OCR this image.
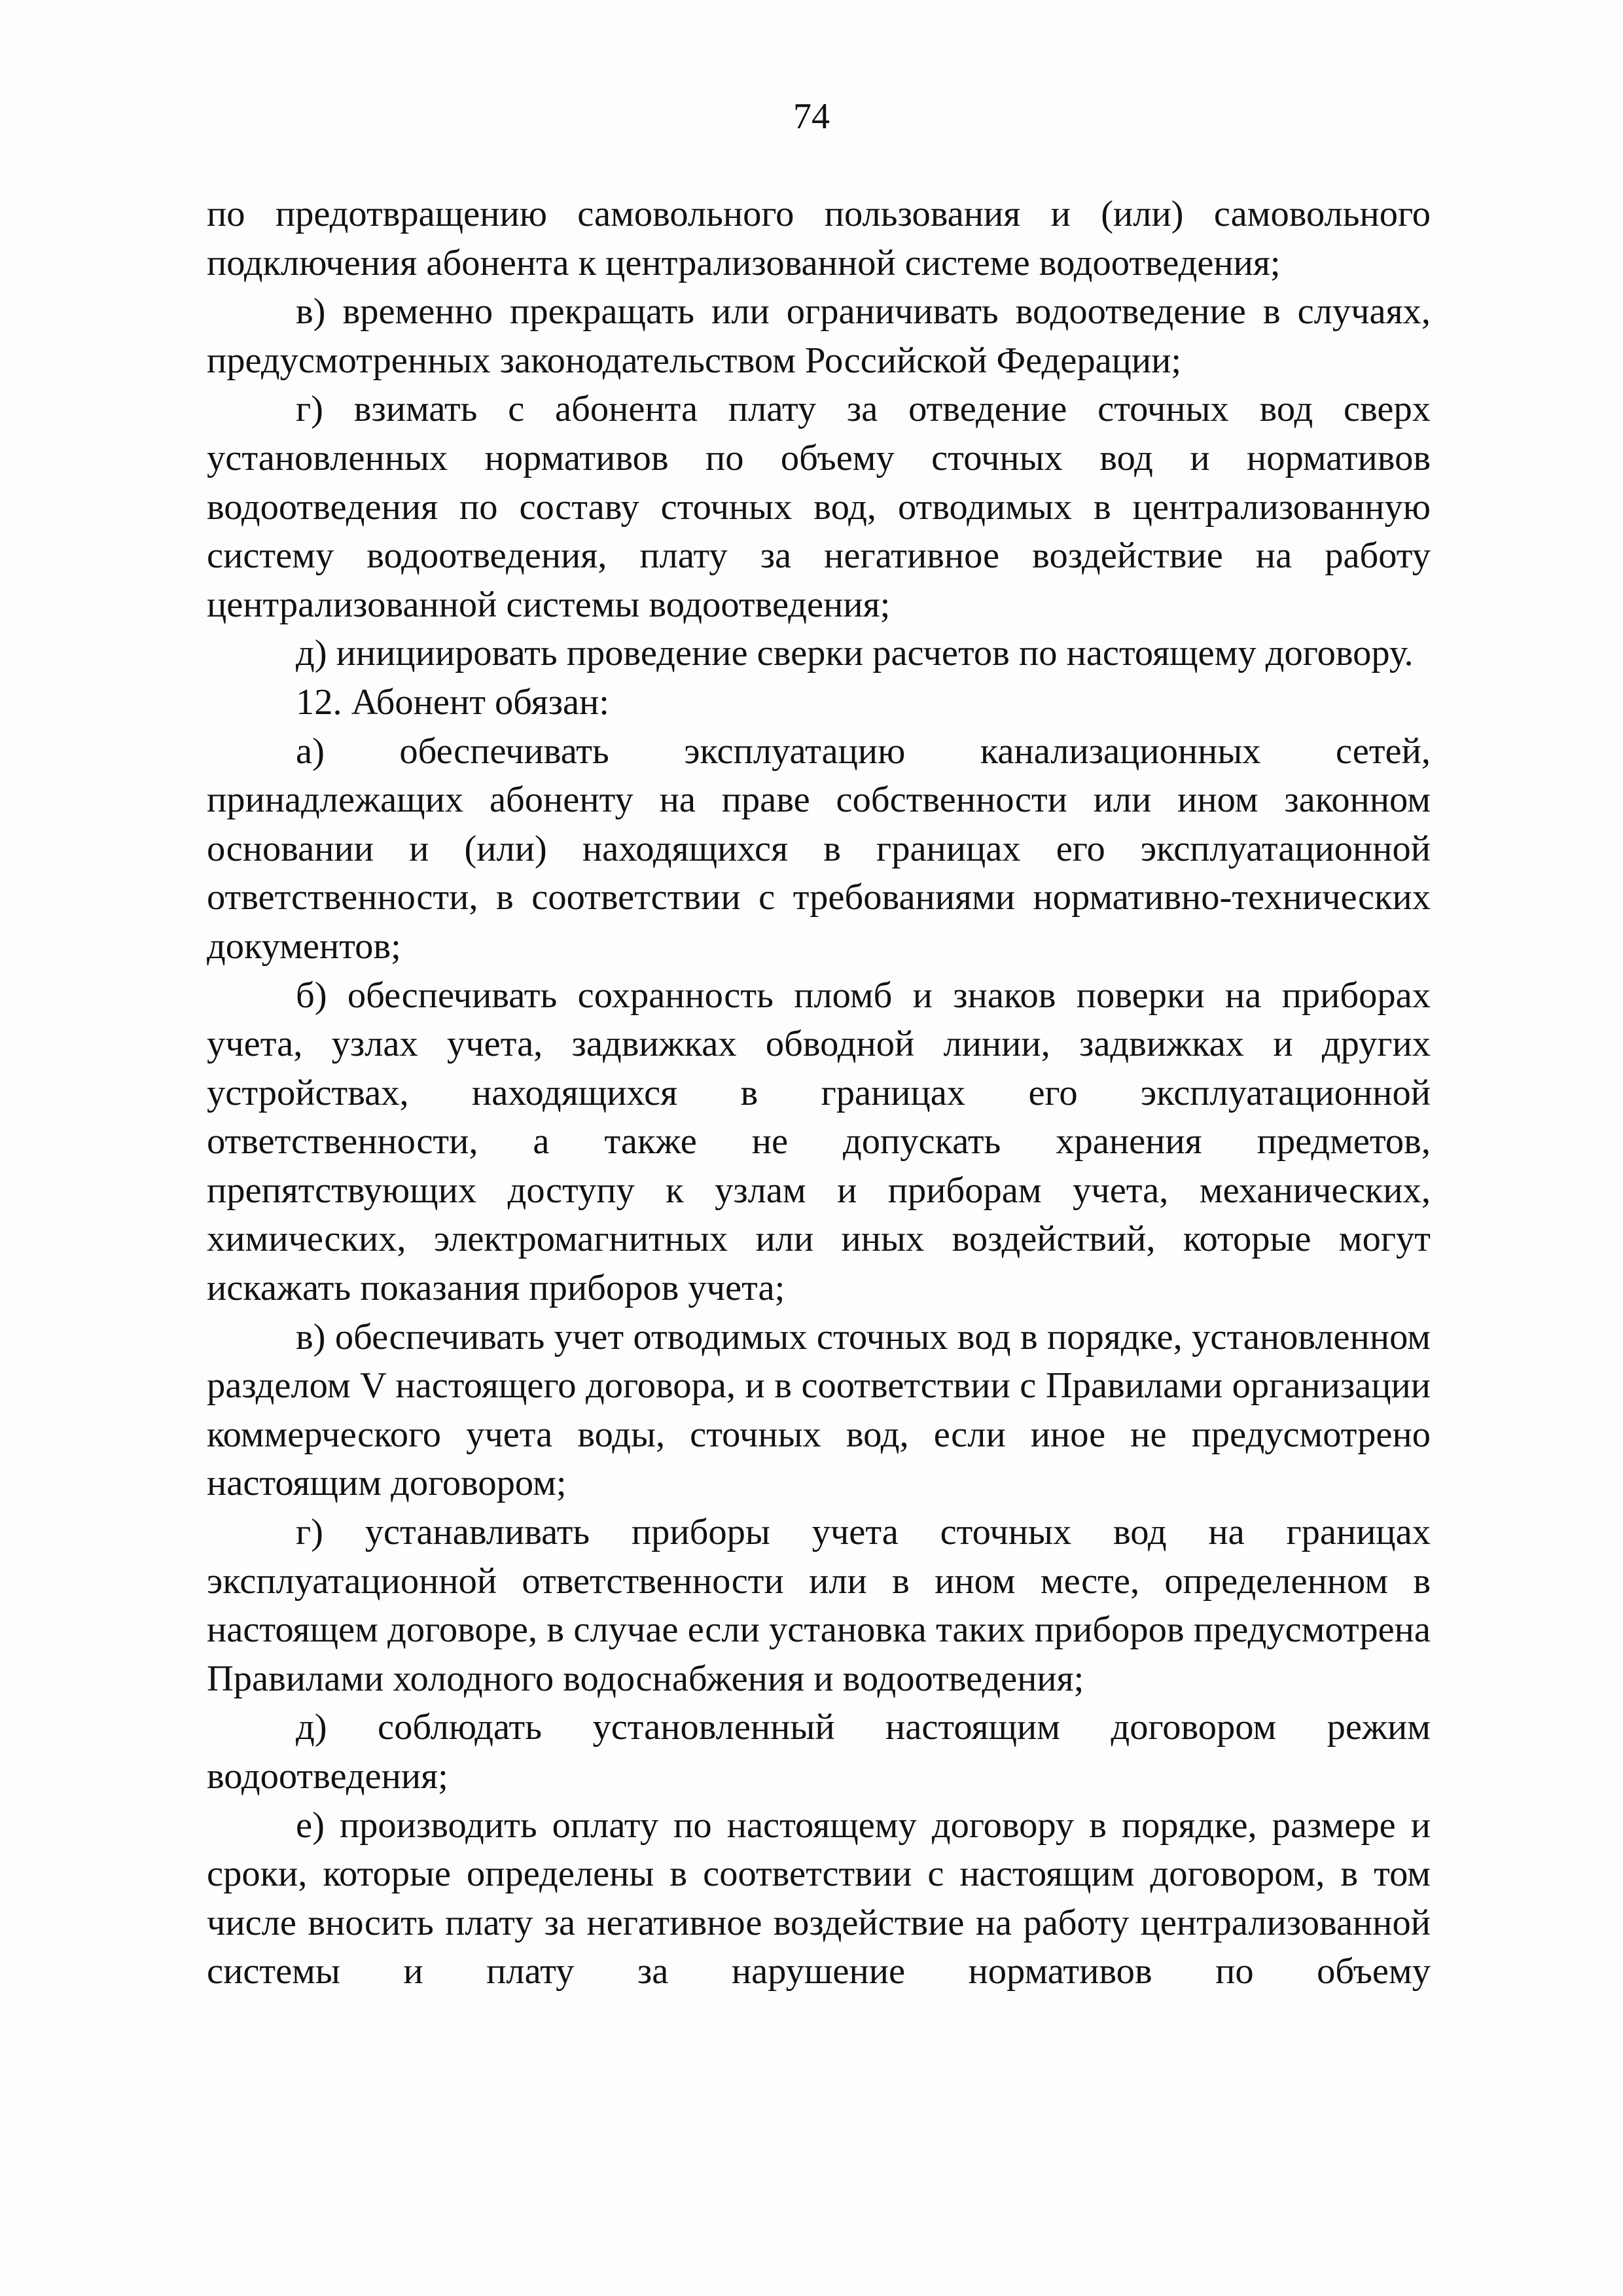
74

по предотвращению самовольного пользования и (или) самовольного подключения абонента к централизованной системе водоотведения;

в) временно прекращать или ограничивать водоотведение в случаях, предусмотренных законодательством Российской Федерации;

г) взимать с абонента плату за отведение сточных вод сверх установленных нормативов по объему сточных вод и нормативов водоотведения по составу сточных вод, отводимых в централизованную систему водоотведения, плату за негативное воздействие на работу централизованной системы водоотведения;

д) инициировать проведение сверки расчетов по настоящему договору.

12. Абонент обязан:

а) обеспечивать эксплуатацию канализационных сетей, принадлежащих абоненту на праве собственности или ином законном основании и (или) находящихся в границах его эксплуатационной ответственности, в соответствии с требованиями нормативно-технических документов;

б) обеспечивать сохранность пломб и знаков поверки на приборах учета, узлах учета, задвижках обводной линии, задвижках и других устройствах, находящихся в границах его эксплуатационной ответственности, а также не допускать хранения предметов, препятствующих доступу к узлам и приборам учета, механических, химических, электромагнитных или иных воздействий, которые могут искажать показания приборов учета;

в) обеспечивать учет отводимых сточных вод в порядке, установленном разделом V настоящего договора, и в соответствии с Правилами организации коммерческого учета воды, сточных вод, если иное не предусмотрено настоящим договором;

г) устанавливать приборы учета сточных вод на границах эксплуатационной ответственности или в ином месте, определенном в настоящем договоре, в случае если установка таких приборов предусмотрена Правилами холодного водоснабжения и водоотведения;

д) соблюдать установленный настоящим договором режим водоотведения;

е) производить оплату по настоящему договору в порядке, размере и сроки, которые определены в соответствии с настоящим договором, в том числе вносить плату за негативное воздействие на работу централизованной системы и плату за нарушение нормативов по объему
